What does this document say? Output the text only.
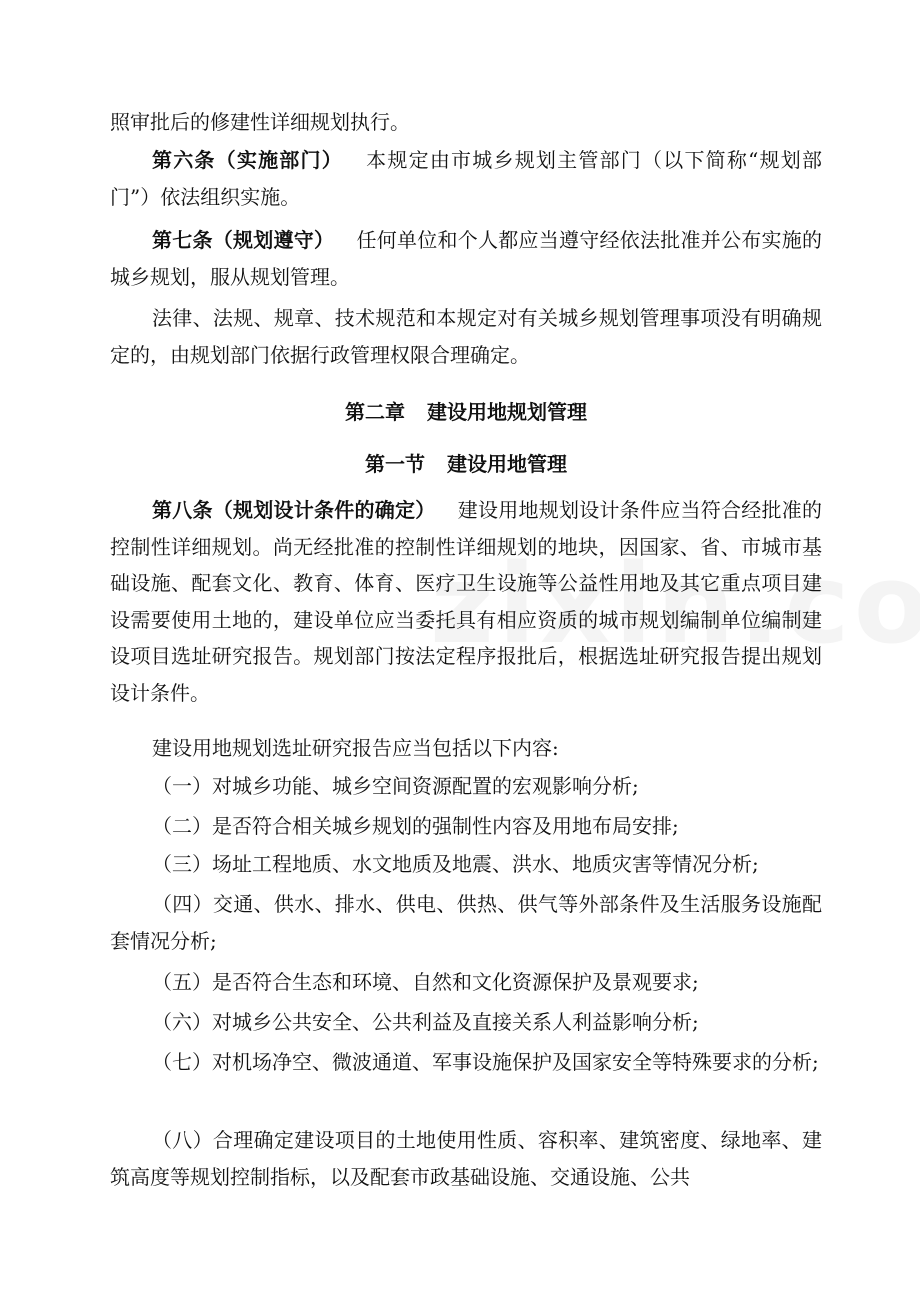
照审批后的修建性详细规划执行。

第六条（实施部门） 本规定由市城乡规划主管部门（以下简称“规划部门”）依法组织实施。

第七条（规划遵守） 任何单位和个人都应当遵守经依法批准并公布实施的城乡规划，服从规划管理。

法律、法规、规章、技术规范和本规定对有关城乡规划管理事项没有明确规定的，由规划部门依据行政管理权限合理确定。

第二章 建设用地规划管理

第一节 建设用地管理

第八条（规划设计条件的确定） 建设用地规划设计条件应当符合经批准的控制性详细规划。尚无经批准的控制性详细规划的地块，因国家、省、市城市基础设施、配套文化、教育、体育、医疗卫生设施等公益性用地及其它重点项目建设需要使用土地的，建设单位应当委托具有相应资质的城市规划编制单位编制建设项目选址研究报告。规划部门按法定程序报批后，根据选址研究报告提出规划设计条件。

建设用地规划选址研究报告应当包括以下内容:

（一）对城乡功能、城乡空间资源配置的宏观影响分析;

（二）是否符合相关城乡规划的强制性内容及用地布局安排;

（三）场址工程地质、水文地质及地震、洪水、地质灾害等情况分析;

（四）交通、供水、排水、供电、供热、供气等外部条件及生活服务设施配套情况分析;

（五）是否符合生态和环境、自然和文化资源保护及景观要求;

（六）对城乡公共安全、公共利益及直接关系人利益影响分析;

（七）对机场净空、微波通道、军事设施保护及国家安全等特殊要求的分析;

（八）合理确定建设项目的土地使用性质、容积率、建筑密度、绿地率、建筑高度等规划控制指标，以及配套市政基础设施、交通设施、公共
